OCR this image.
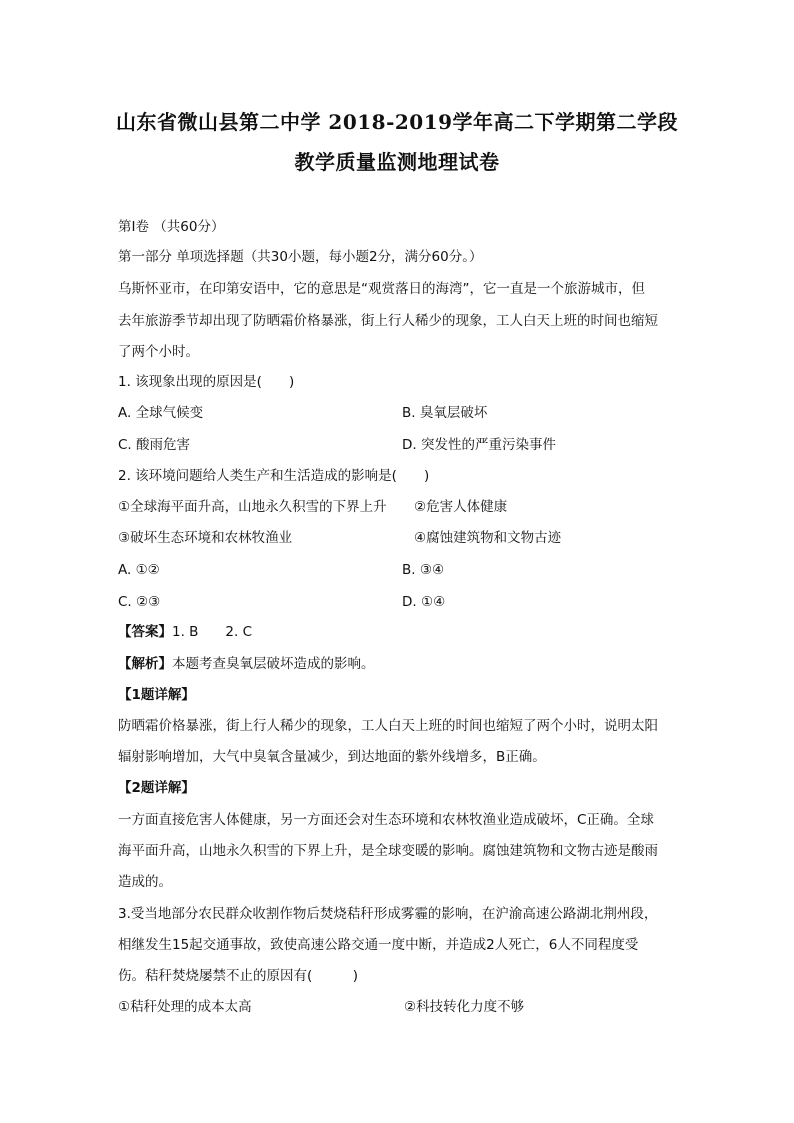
山东省微山县第二中学 2018-2019学年高二下学期第二学段
教学质量监测地理试卷
第I卷 （共60分）
第一部分 单项选择题（共30小题，每小题2分，满分60分。）
乌斯怀亚市，在印第安语中，它的意思是“观赏落日的海湾”，它一直是一个旅游城市，但
去年旅游季节却出现了防晒霜价格暴涨，街上行人稀少的现象，工人白天上班的时间也缩短
了两个小时。
1. 该现象出现的原因是(　　)
A. 全球气候变	B. 臭氧层破坏
C. 酸雨危害	D. 突发性的严重污染事件
2. 该环境问题给人类生产和生活造成的影响是(　　)
①全球海平面升高，山地永久积雪的下界上升 ②危害人体健康
③破坏生态环境和农林牧渔业	④腐蚀建筑物和文物古迹
A. ①②	B. ③④
C. ②③	D. ①④
【答案】1. B　　2. C
【解析】本题考查臭氧层破坏造成的影响。
【1题详解】
防晒霜价格暴涨，街上行人稀少的现象，工人白天上班的时间也缩短了两个小时，说明太阳
辐射影响增加，大气中臭氧含量减少，到达地面的紫外线增多，B正确。
【2题详解】
一方面直接危害人体健康，另一方面还会对生态环境和农林牧渔业造成破坏，C正确。全球
海平面升高，山地永久积雪的下界上升，是全球变暖的影响。腐蚀建筑物和文物古迹是酸雨
造成的。
3.受当地部分农民群众收割作物后焚烧秸秆形成雾霾的影响，在沪渝高速公路湖北荆州段，
相继发生15起交通事故，致使高速公路交通一度中断，并造成2人死亡，6人不同程度受
伤。秸秆焚烧屡禁不止的原因有(　　　)
①秸秆处理的成本太高	②科技转化力度不够
